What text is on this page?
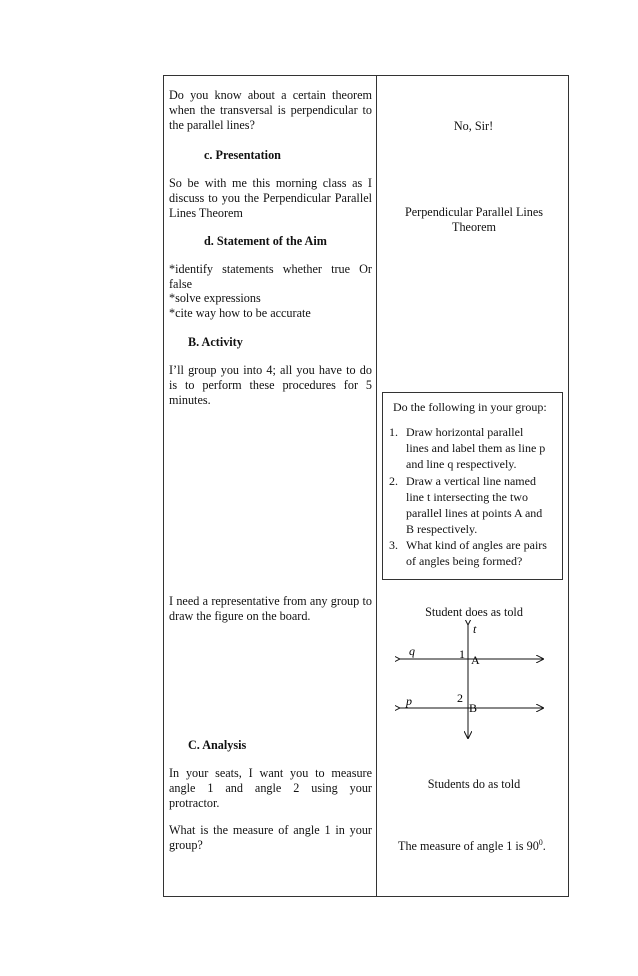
Do you know about a certain theorem when the transversal is perpendicular to the parallel lines?
c. Presentation
So be with me this morning class as I discuss to you the Perpendicular Parallel Lines Theorem
d. Statement of the Aim
*identify statements whether true Or false
*solve expressions
*cite way how to be accurate
B. Activity
I’ll group you into 4; all you have to do is to perform these procedures for 5 minutes.
I need a representative from any group to draw the figure on the board.
C. Analysis
In your seats, I want you to measure angle 1 and angle 2 using your protractor.
What is the measure of angle 1 in your group?
No, Sir!
Perpendicular Parallel Lines Theorem
Do the following in your group:
1. Draw horizontal parallel
lines and label them as line p
and line q respectively.
2. Draw a vertical line named
line t intersecting the two
parallel lines at points A and
B respectively.
3. What kind of angles are pairs
of angles being formed?
Student does as told
t
q
p
1 A
2
B
Students do as told
The measure of angle 1 is $90^0$.
